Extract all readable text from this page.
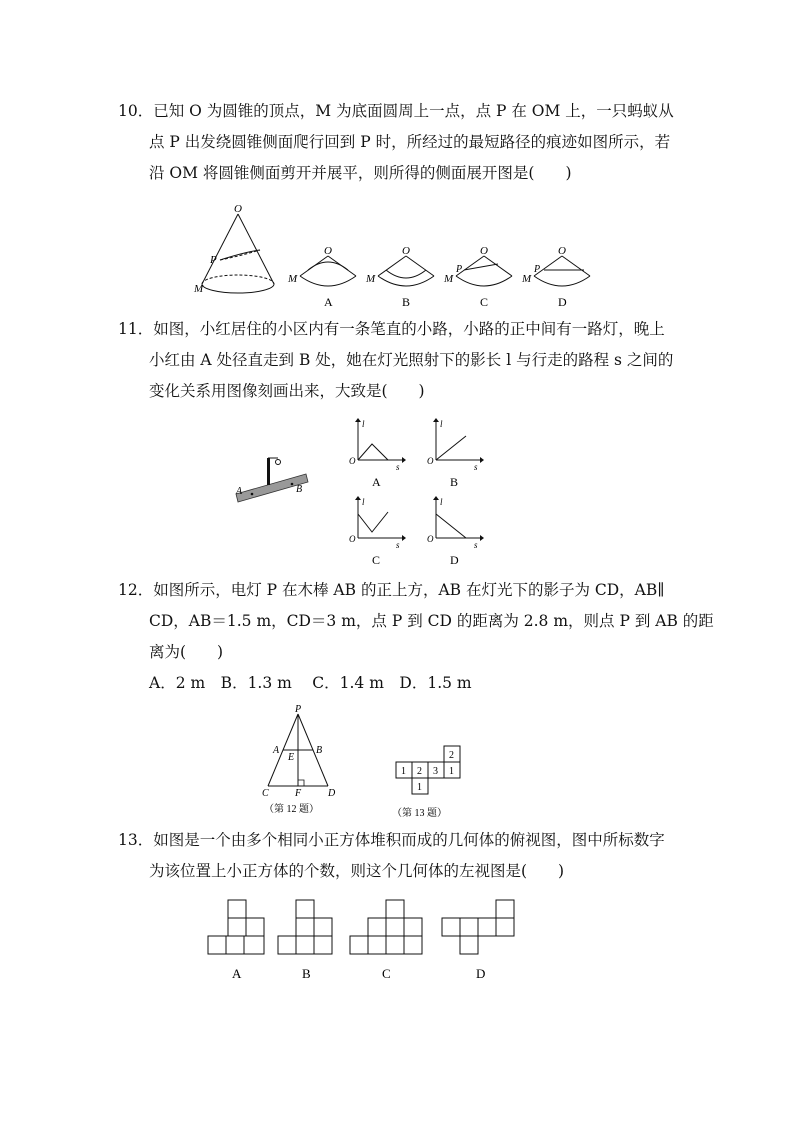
10．已知 O 为圆锥的顶点，M 为底面圆周上一点，点 P 在 OM 上，一只蚂蚁从
点 P 出发绕圆锥侧面爬行回到 P 时，所经过的最短路径的痕迹如图所示，若
沿 OM 将圆锥侧面剪开并展平，则所得的侧面展开图是(　　)
O
P
M
O
M
A
O
M
B
O
P
M
C
O
P
M
D
11．如图，小红居住的小区内有一条笔直的小路，小路的正中间有一路灯，晚上
小红由 A 处径直走到 B 处，她在灯光照射下的影长 l 与行走的路程 s 之间的
变化关系用图像刻画出来，大致是(　　)
A	B
l
s
O
A
l
s
O
B
l
s
O
C
l
s
O
D
12．如图所示，电灯 P 在木棒 AB 的正上方，AB 在灯光下的影子为 CD，AB∥
CD，AB＝1.5 m，CD＝3 m，点 P 到 CD 的距离为 2.8 m，则点 P 到 AB 的距
离为(　　)
A．2 m　B．1.3 m　 C．1.4 m　D．1.5 m
P
A	B
E
C	F	D
（第 12 题）
2
1 2 3 1
1
（第 13 题）
13．如图是一个由多个相同小正方体堆积而成的几何体的俯视图，图中所标数字
为该位置上小正方体的个数，则这个几何体的左视图是(　　)
A	B	C	D
